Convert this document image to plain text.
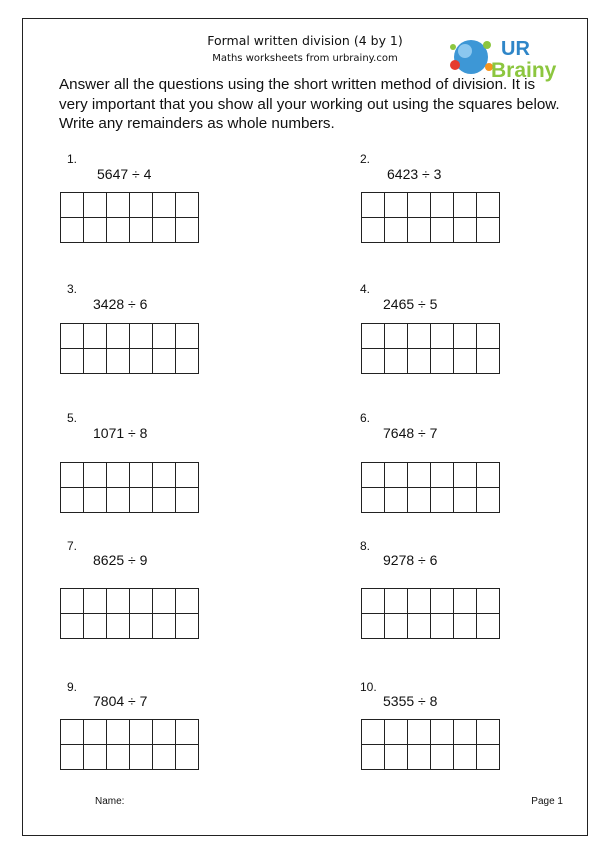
Formal written division (4 by 1)
Maths worksheets from urbrainy.com	UR
Brainy

Answer all the questions using the short written method of division. It is very important that you show all your working out using the squares below. Write any remainders as whole numbers.

1.
5647 ÷ 4

2.
6423 ÷ 3

3.
3428 ÷ 6

4.
2465 ÷ 5

5.
1071 ÷ 8

6.
7648 ÷ 7

7.
8625 ÷ 9

8.
9278 ÷ 6

9.
7804 ÷ 7

10.
5355 ÷ 8

Name:	Page 1
